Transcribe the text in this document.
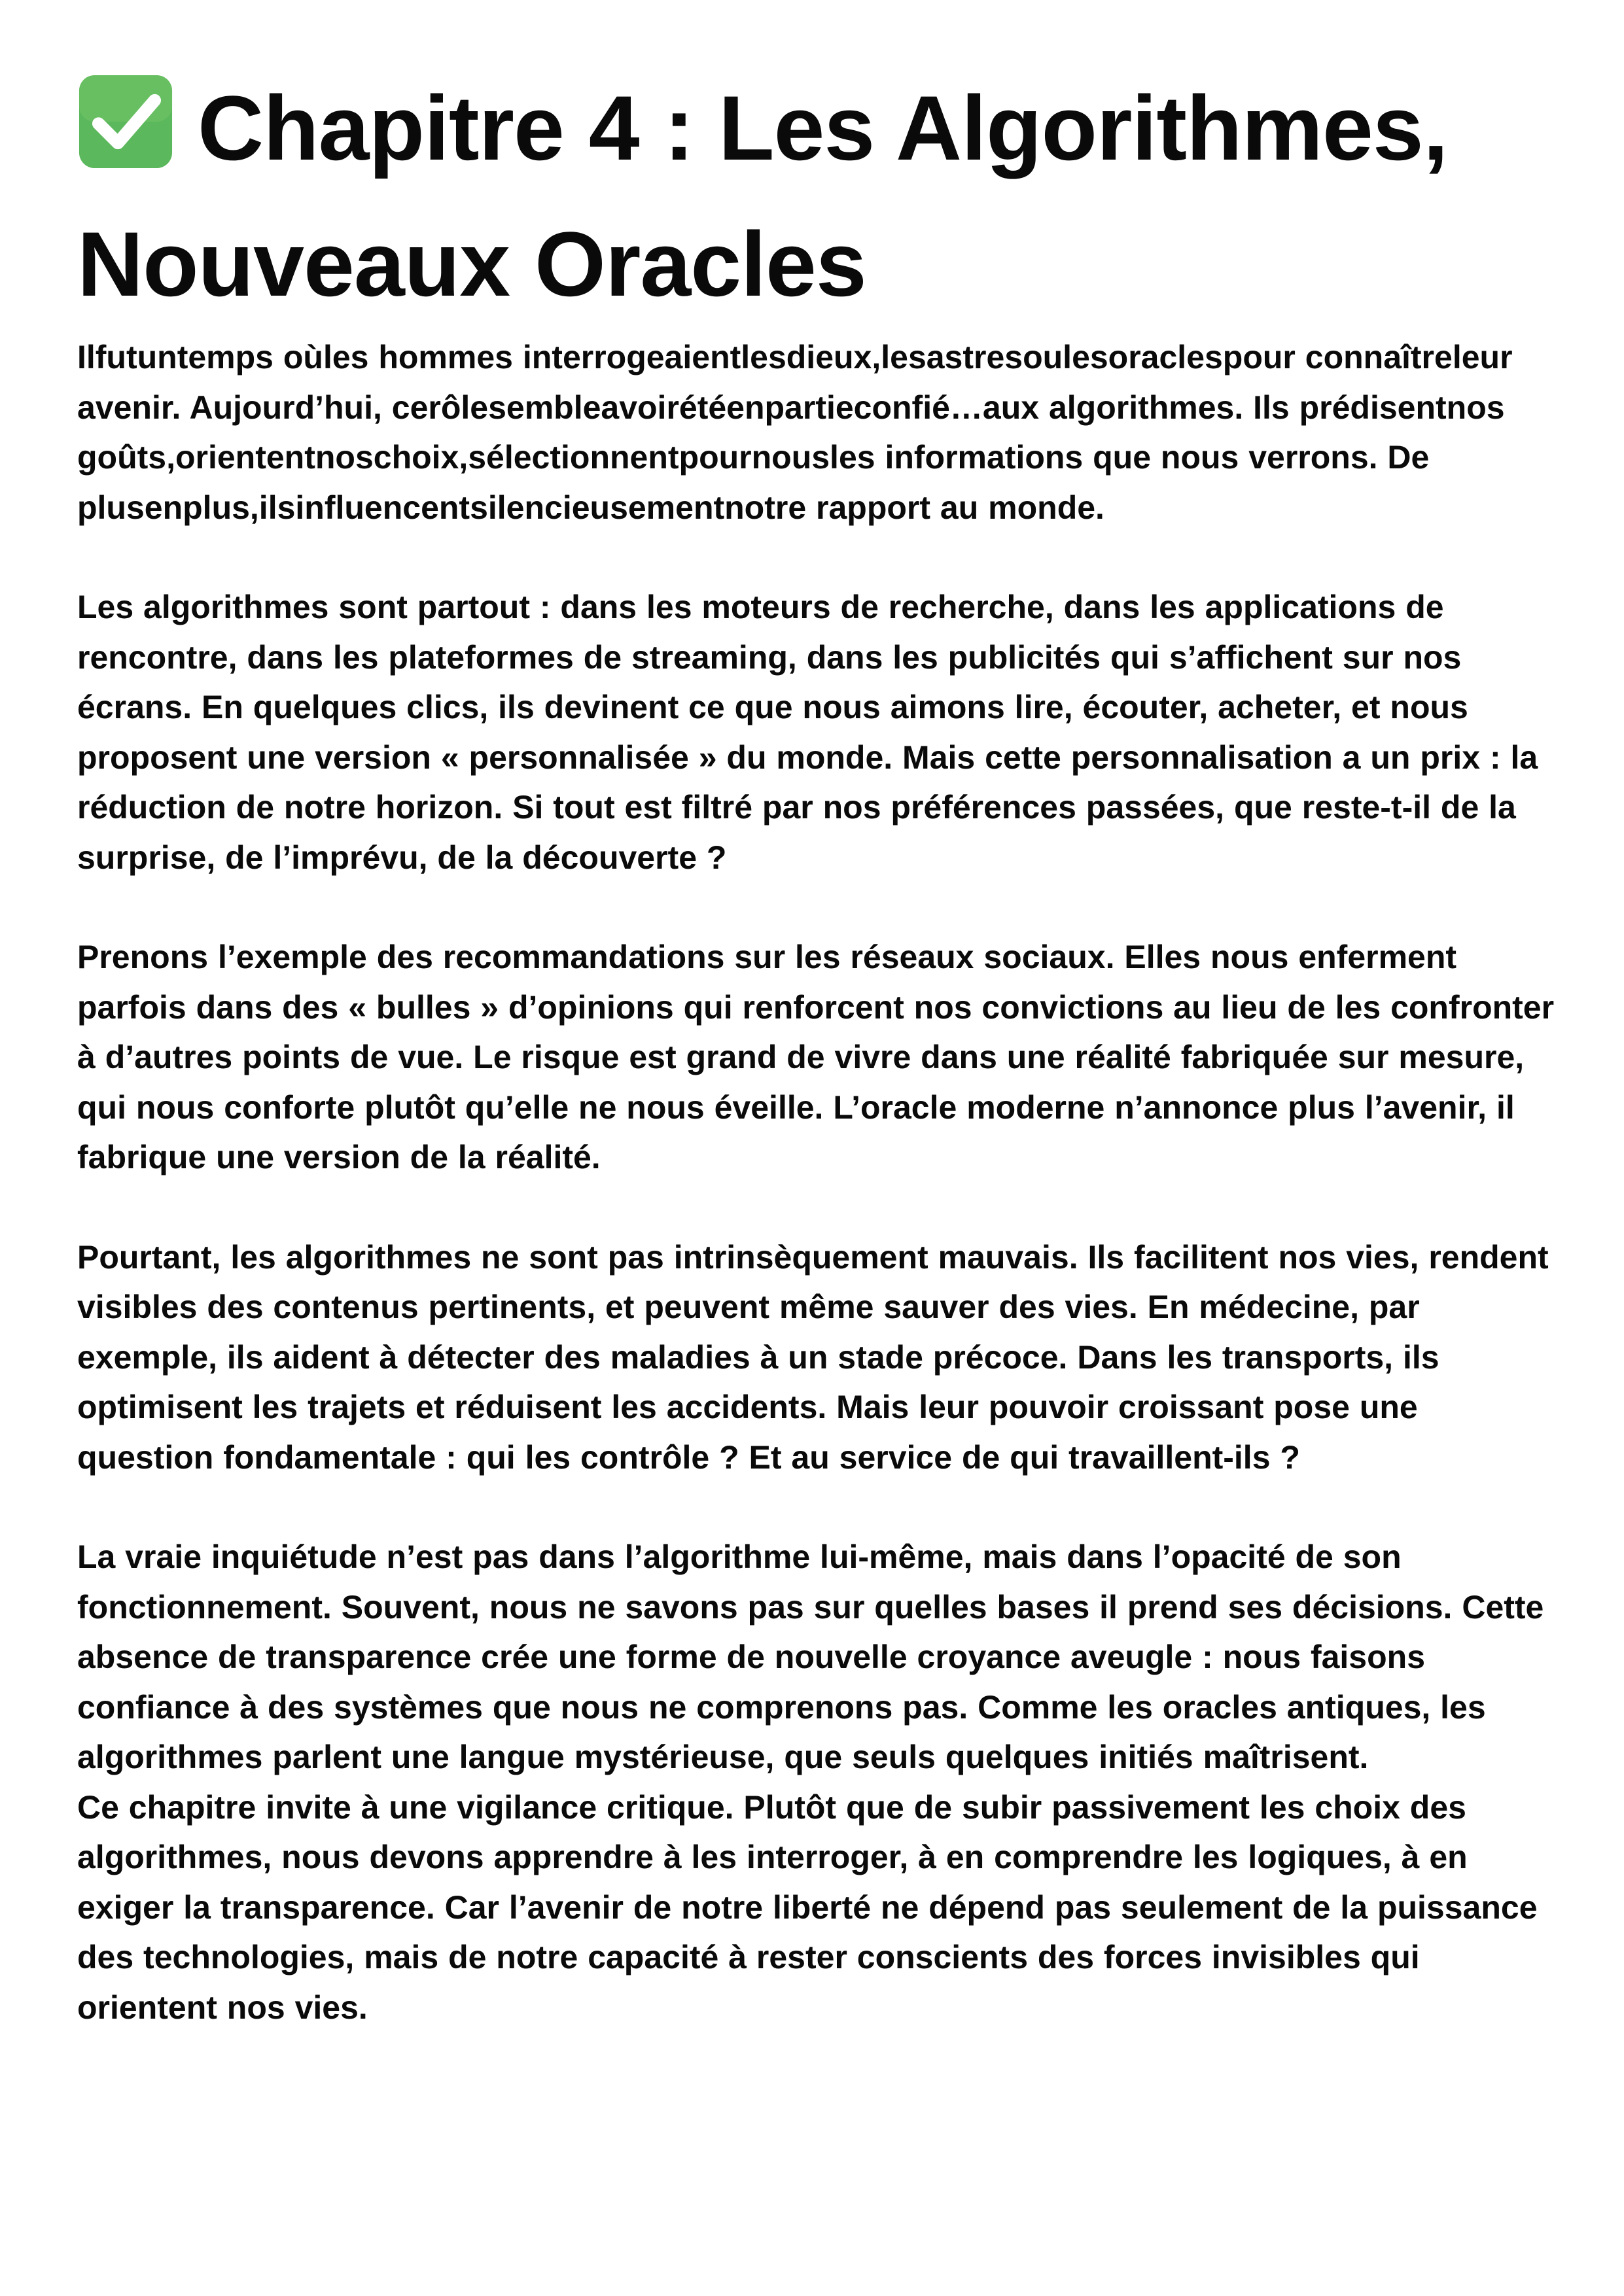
Chapitre 4 : Les Algorithmes, Nouveaux Oracles

Ilfutuntemps oùles hommes interrogeaientlesdieux,lesastresoulesoraclespour connaîtreleur avenir. Aujourd’hui, cerôlesembleavoirétéenpartieconfié…aux algorithmes. Ils prédisentnos goûts,orientent​noschoix,sélectionnentpournousles informations que nous verrons. De plusenplus,ilsinfluencentsilencieusementnotre rapport au monde.

Les algorithmes sont partout : dans les moteurs de recherche, dans les applications de rencontre, dans les plateformes de streaming, dans les publicités qui s’affichent sur nos écrans. En quelques clics, ils devinent ce que nous aimons lire, écouter, acheter, et nous proposent une version « personnalisée » du monde. Mais cette personnalisation a un prix : la réduction de notre horizon. Si tout est filtré par nos préférences passées, que reste-t-il de la surprise, de l’imprévu, de la découverte ?

Prenons l’exemple des recommandations sur les réseaux sociaux. Elles nous enferment parfois dans des « bulles » d’opinions qui renforcent nos convictions au lieu de les confronter à d’autres points de vue. Le risque est grand de vivre dans une réalité fabriquée sur mesure, qui nous conforte plutôt qu’elle ne nous éveille. L’oracle moderne n’annonce plus l’avenir, il fabrique une version de la réalité.

Pourtant, les algorithmes ne sont pas intrinsèquement mauvais. Ils facilitent nos vies, rendent visibles des contenus pertinents, et peuvent même sauver des vies. En médecine, par exemple, ils aident à détecter des maladies à un stade précoce. Dans les transports, ils optimisent les trajets et réduisent les accidents. Mais leur pouvoir croissant pose une question fondamentale : qui les contrôle ? Et au service de qui travaillent-ils ?

La vraie inquiétude n’est pas dans l’algorithme lui-même, mais dans l’opacité de son fonctionnement. Souvent, nous ne savons pas sur quelles bases il prend ses décisions. Cette absence de transparence crée une forme de nouvelle croyance aveugle : nous faisons confiance à des systèmes que nous ne comprenons pas. Comme les oracles antiques, les algorithmes parlent une langue mystérieuse, que seuls quelques initiés maîtrisent.

Ce chapitre invite à une vigilance critique. Plutôt que de subir passivement les choix des algorithmes, nous devons apprendre à les interroger, à en comprendre les logiques, à en exiger la transparence. Car l’avenir de notre liberté ne dépend pas seulement de la puissance des technologies, mais de notre capacité à rester conscients des forces invisibles qui orientent nos vies.
